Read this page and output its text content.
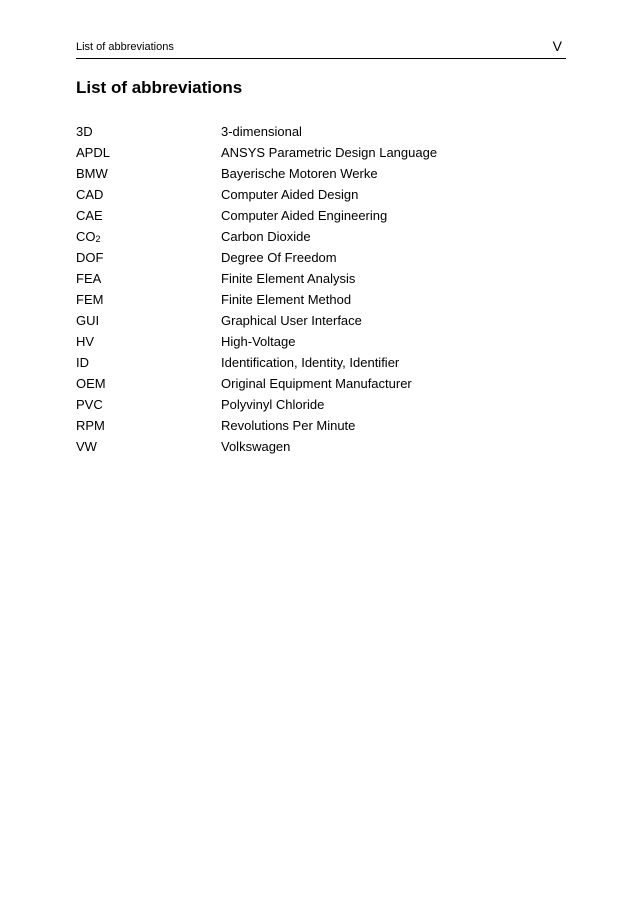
List of abbreviations	V
List of abbreviations
3D	3-dimensional
APDL	ANSYS Parametric Design Language
BMW	Bayerische Motoren Werke
CAD	Computer Aided Design
CAE	Computer Aided Engineering
$CO_2$	Carbon Dioxide
DOF	Degree Of Freedom
FEA	Finite Element Analysis
FEM	Finite Element Method
GUI	Graphical User Interface
HV	High-Voltage
ID	Identification, Identity, Identifier
OEM	Original Equipment Manufacturer
PVC	Polyvinyl Chloride
RPM	Revolutions Per Minute
VW	Volkswagen
